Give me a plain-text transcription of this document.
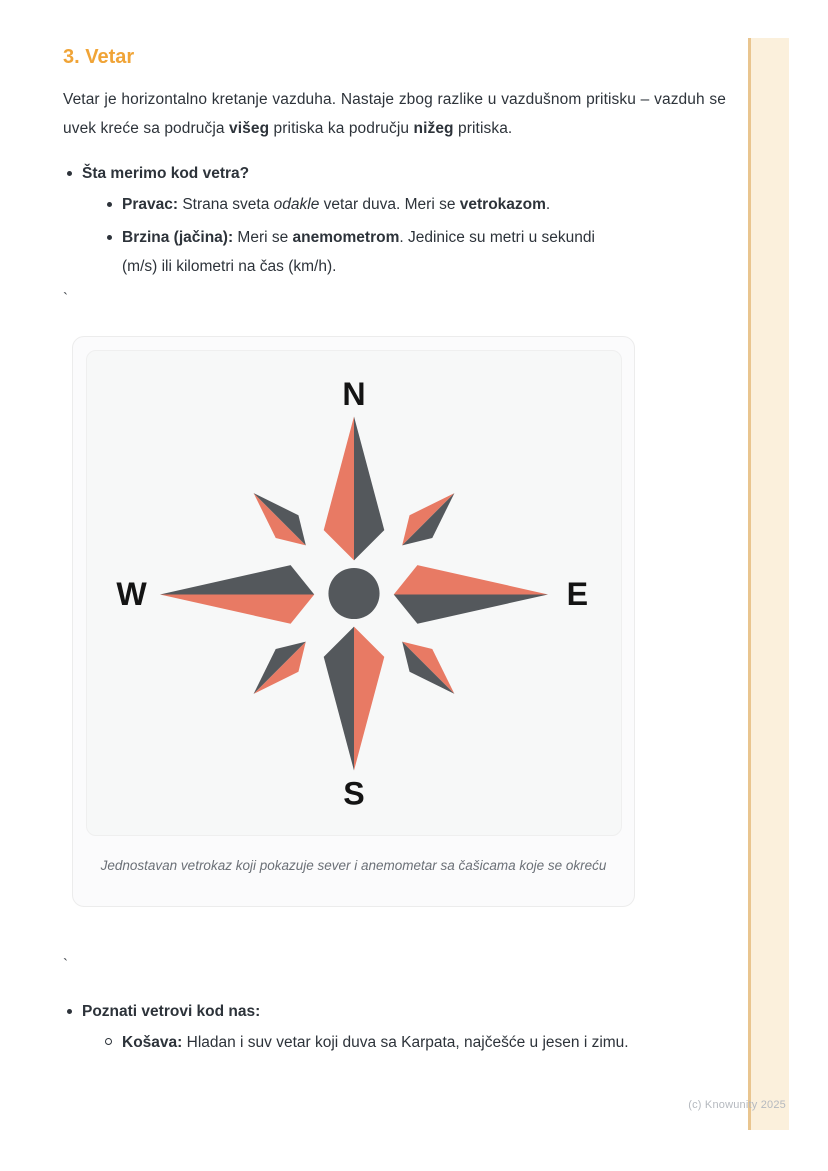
3. Vetar

Vetar je horizontalno kretanje vazduha. Nastaje zbog razlike u vazdušnom pritisku – vazduh se uvek kreće sa područja višeg pritiska ka području nižeg pritiska.

Šta merimo kod vetra?
Pravac: Strana sveta odakle vetar duva. Meri se vetrokazom.
Brzina (jačina): Meri se anemometrom. Jedinice su metri u sekundi (m/s) ili kilometri na čas (km/h).
`
N
S
W	E
Jednostavan vetrokaz koji pokazuje sever i anemometar sa čašicama koje se okreću
`
Poznati vetrovi kod nas:
Košava: Hladan i suv vetar koji duva sa Karpata, najčešće u jesen i zimu.
(c) Knowunity 2025
